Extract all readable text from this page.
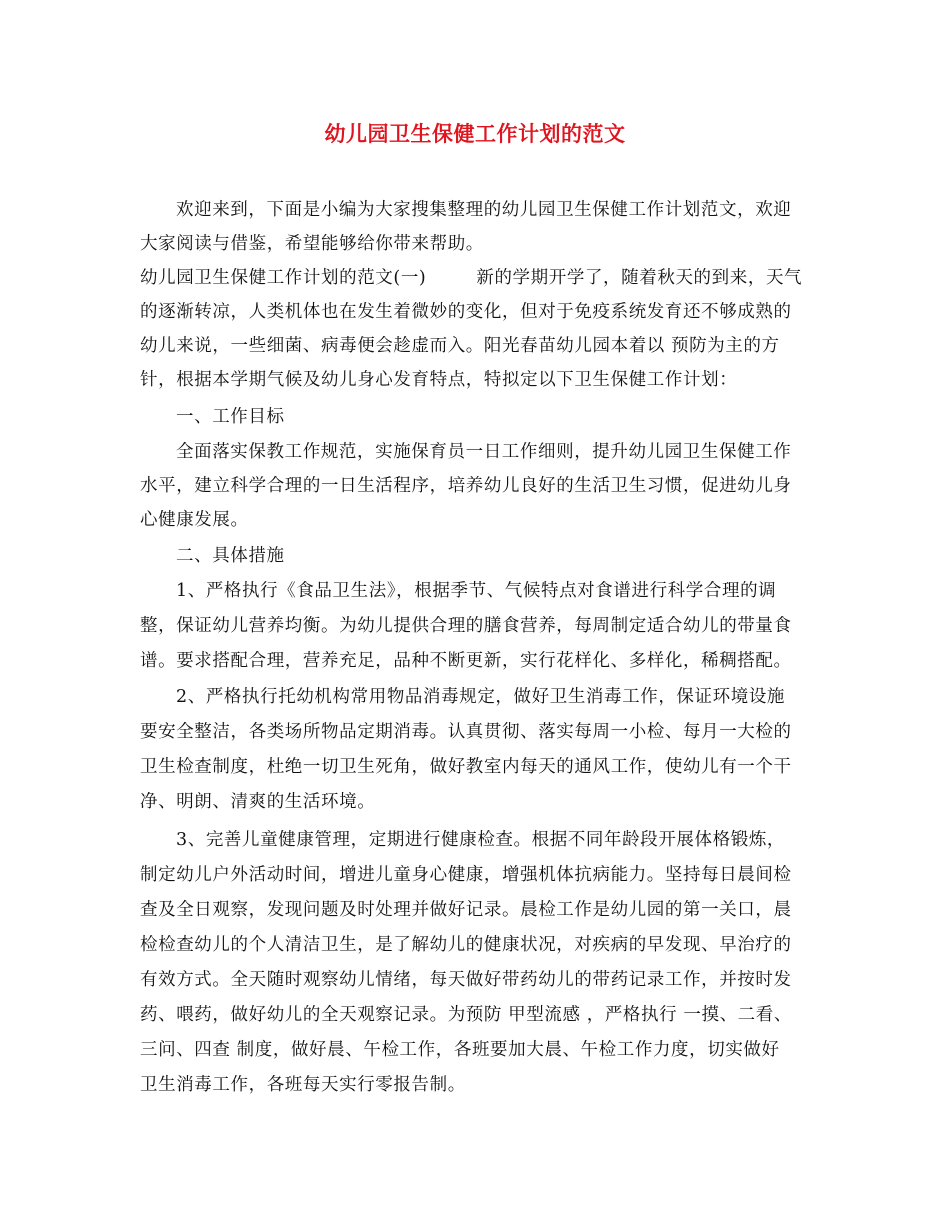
幼儿园卫生保健工作计划的范文

欢迎来到，下面是小编为大家搜集整理的幼儿园卫生保健工作计划范文，欢迎

大家阅读与借鉴，希望能够给你带来帮助。

幼儿园卫生保健工作计划的范文(一)	新的学期开学了，随着秋天的到来，天气

的逐渐转凉，人类机体也在发生着微妙的变化，但对于免疫系统发育还不够成熟的

幼儿来说，一些细菌、病毒便会趁虚而入。阳光春苗幼儿园本着以 预防为主的方

针，根据本学期气候及幼儿身心发育特点，特拟定以下卫生保健工作计划：

一、工作目标

全面落实保教工作规范，实施保育员一日工作细则，提升幼儿园卫生保健工作

水平，建立科学合理的一日生活程序，培养幼儿良好的生活卫生习惯，促进幼儿身

心健康发展。

二、具体措施

1、严格执行《食品卫生法》，根据季节、气候特点对食谱进行科学合理的调

整，保证幼儿营养均衡。为幼儿提供合理的膳食营养，每周制定适合幼儿的带量食

谱。要求搭配合理，营养充足，品种不断更新，实行花样化、多样化，稀稠搭配。

2、严格执行托幼机构常用物品消毒规定，做好卫生消毒工作，保证环境设施

要安全整洁，各类场所物品定期消毒。认真贯彻、落实每周一小检、每月一大检的

卫生检查制度，杜绝一切卫生死角，做好教室内每天的通风工作，使幼儿有一个干

净、明朗、清爽的生活环境。

3、完善儿童健康管理，定期进行健康检查。根据不同年龄段开展体格锻炼，

制定幼儿户外活动时间，增进儿童身心健康，增强机体抗病能力。坚持每日晨间检

查及全日观察，发现问题及时处理并做好记录。晨检工作是幼儿园的第一关口，晨

检检查幼儿的个人清洁卫生，是了解幼儿的健康状况，对疾病的早发现、早治疗的

有效方式。全天随时观察幼儿情绪，每天做好带药幼儿的带药记录工作，并按时发

药、喂药，做好幼儿的全天观察记录。为预防 甲型流感 ，严格执行 一摸、二看、

三问、四查 制度，做好晨、午检工作，各班要加大晨、午检工作力度，切实做好

卫生消毒工作，各班每天实行零报告制。
